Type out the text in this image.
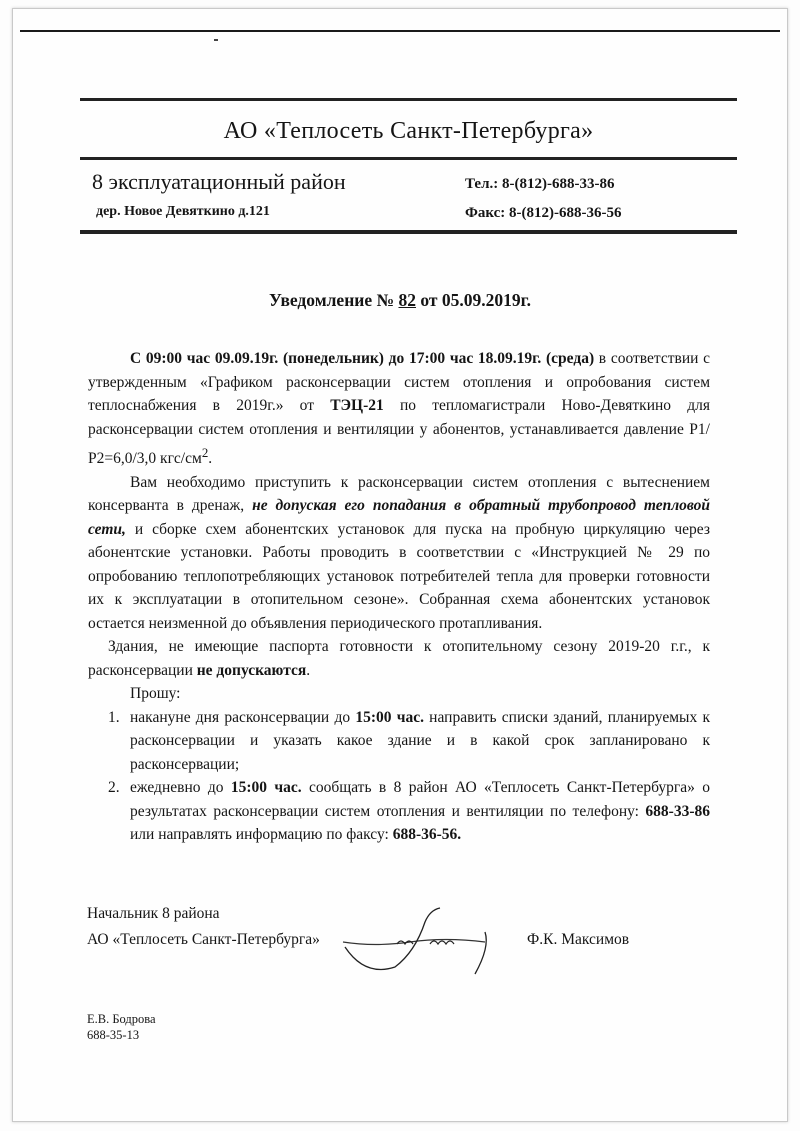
АО «Теплосеть Санкт-Петербурга»
8 эксплуатационный район
дер. Новое Девяткино д.121
Тел.: 8-(812)-688-33-86
Факс: 8-(812)-688-36-56
Уведомление № 82 от 05.09.2019г.

С 09:00 час 09.09.19г. (понедельник) до 17:00 час 18.09.19г. (среда) в соответствии с утвержденным «Графиком расконсервации систем отопления и опробования систем теплоснабжения в 2019г.» от ТЭЦ-21 по тепломагистрали Ново-Девяткино для расконсервации систем отопления и вентиляции у абонентов, устанавливается давление Р1/Р2=6,0/3,0 кгс/$см^2$.

Вам необходимо приступить к расконсервации систем отопления с вытеснением консерванта в дренаж, не допуская его попадания в обратный трубопровод тепловой сети, и сборке схем абонентских установок для пуска на пробную циркуляцию через абонентские установки. Работы проводить в соответствии с «Инструкцией № 29 по опробованию теплопотребляющих установок потребителей тепла для проверки готовности их к эксплуатации в отопительном сезоне». Собранная схема абонентских установок остается неизменной до объявления периодического протапливания.

Здания, не имеющие паспорта готовности к отопительному сезону 2019-20 г.г., к расконсервации не допускаются.

Прошу:

1. накануне дня расконсервации до 15:00 час. направить списки зданий, планируемых к расконсервации и указать какое здание и в какой срок запланировано к расконсервации;
2. ежедневно до 15:00 час. сообщать в 8 район АО «Теплосеть Санкт-Петербурга» о результатах расконсервации систем отопления и вентиляции по телефону: 688-33-86 или направлять информацию по факсу: 688-36-56.
Начальник 8 района
АО «Теплосеть Санкт-Петербурга»	Ф.К. Максимов
Е.В. Бодрова
688-35-13
